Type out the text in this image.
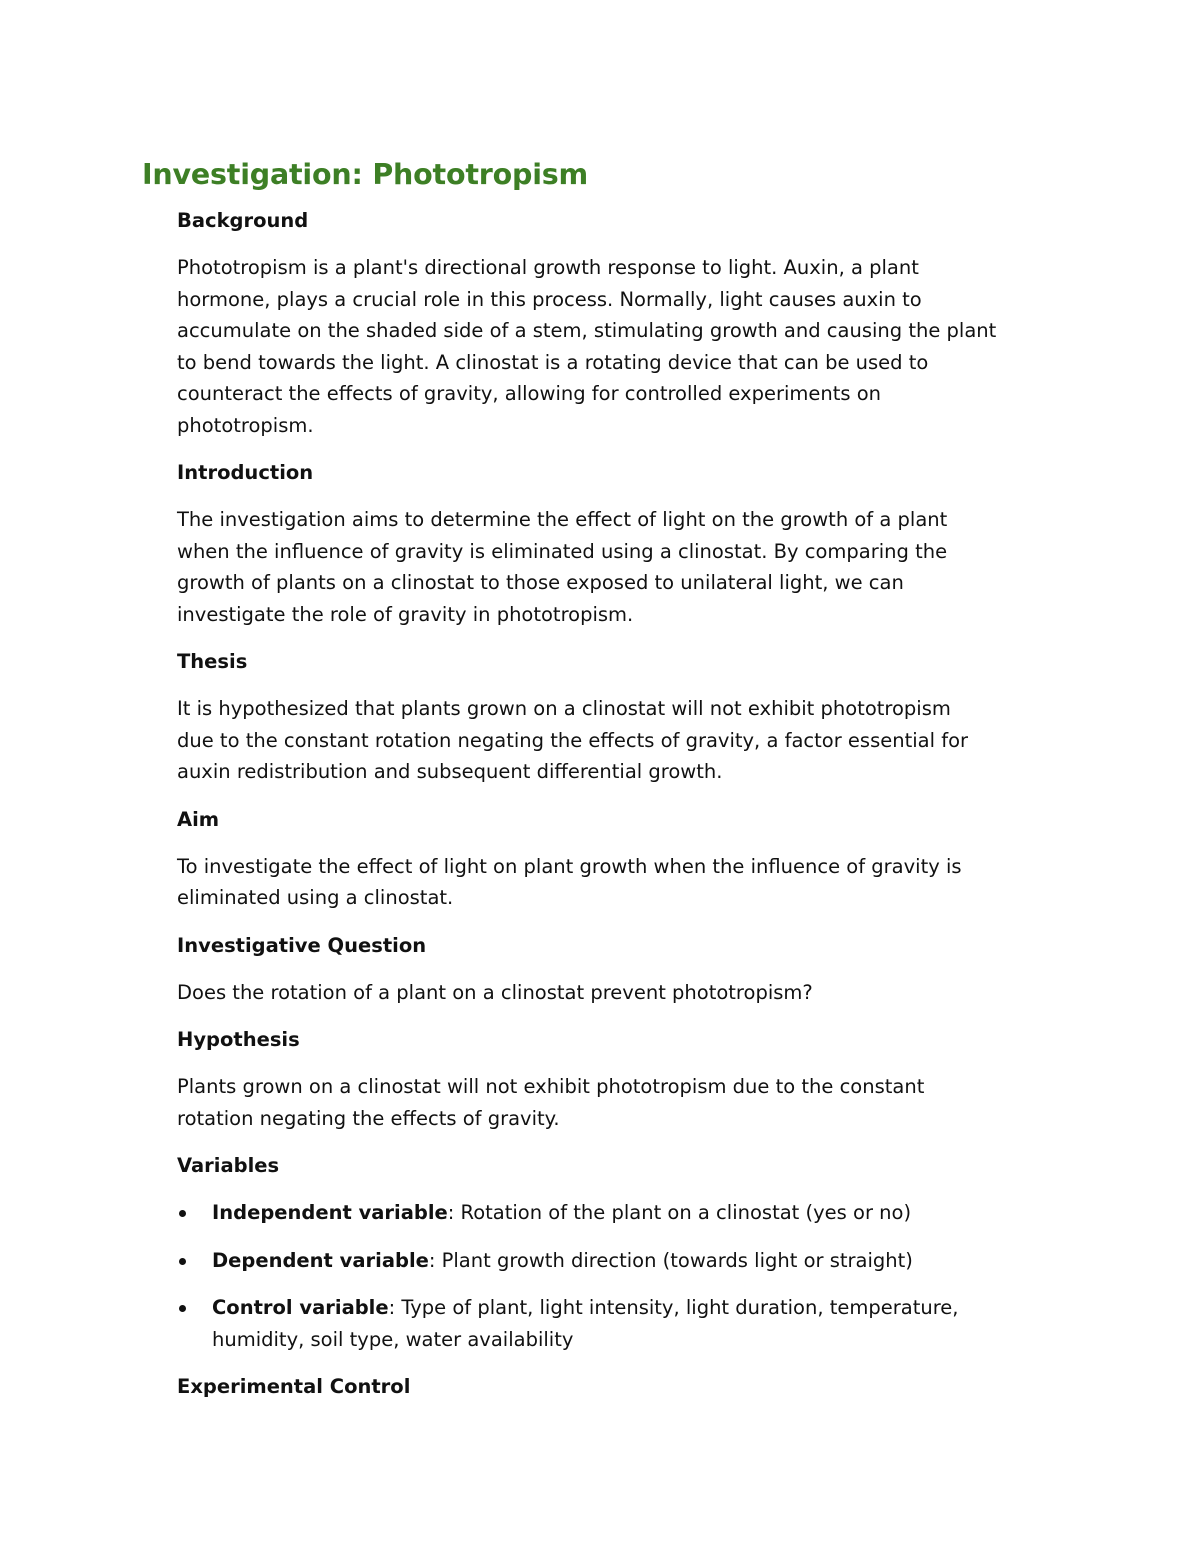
Investigation: Phototropism
Background

Phototropism is a plant's directional growth response to light. Auxin, a plant
hormone, plays a crucial role in this process. Normally, light causes auxin to
accumulate on the shaded side of a stem, stimulating growth and causing the plant
to bend towards the light. A clinostat is a rotating device that can be used to
counteract the effects of gravity, allowing for controlled experiments on
phototropism.

Introduction

The investigation aims to determine the effect of light on the growth of a plant
when the influence of gravity is eliminated using a clinostat. By comparing the
growth of plants on a clinostat to those exposed to unilateral light, we can
investigate the role of gravity in phototropism.

Thesis

It is hypothesized that plants grown on a clinostat will not exhibit phototropism
due to the constant rotation negating the effects of gravity, a factor essential for
auxin redistribution and subsequent differential growth.

Aim

To investigate the effect of light on plant growth when the influence of gravity is
eliminated using a clinostat.

Investigative Question

Does the rotation of a plant on a clinostat prevent phototropism?

Hypothesis

Plants grown on a clinostat will not exhibit phototropism due to the constant
rotation negating the effects of gravity.

Variables
Independent variable: Rotation of the plant on a clinostat (yes or no)
Dependent variable: Plant growth direction (towards light or straight)
Control variable: Type of plant, light intensity, light duration, temperature,
humidity, soil type, water availability
Experimental Control
